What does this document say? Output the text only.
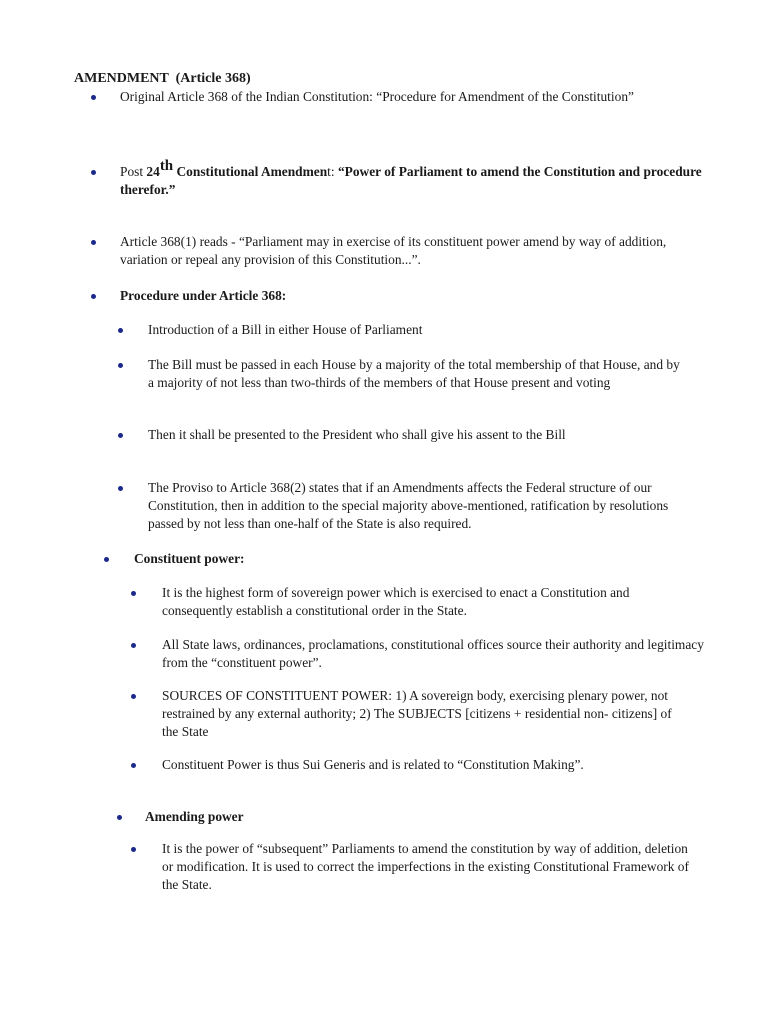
AMENDMENT  (Article 368)
Original Article 368 of the Indian Constitution: “Procedure for Amendment of the Constitution”
Post 24th Constitutional Amendment: “Power of Parliament to amend the Constitution and procedure therefor.”
Article 368(1) reads - “Parliament may in exercise of its constituent power amend by way of addition, variation or repeal any provision of this Constitution...”.
Procedure under Article 368:
Introduction of a Bill in either House of Parliament
The Bill must be passed in each House by a majority of the total membership of that House, and by a majority of not less than two-thirds of the members of that House present and voting
Then it shall be presented to the President who shall give his assent to the Bill
The Proviso to Article 368(2) states that if an Amendments affects the Federal structure of our Constitution, then in addition to the special majority above-mentioned, ratification by resolutions passed by not less than one-half of the State is also required.
Constituent power:
It is the highest form of sovereign power which is exercised to enact a Constitution and consequently establish a constitutional order in the State.
All State laws, ordinances, proclamations, constitutional offices source their authority and legitimacy from the “constituent power”.
SOURCES OF CONSTITUENT POWER: 1) A sovereign body, exercising plenary power, not restrained by any external authority; 2) The SUBJECTS [citizens + residential non- citizens] of the State
Constituent Power is thus Sui Generis and is related to “Constitution Making”.
Amending power
It is the power of “subsequent” Parliaments to amend the constitution by way of addition, deletion or modification. It is used to correct the imperfections in the existing Constitutional Framework of the State.
